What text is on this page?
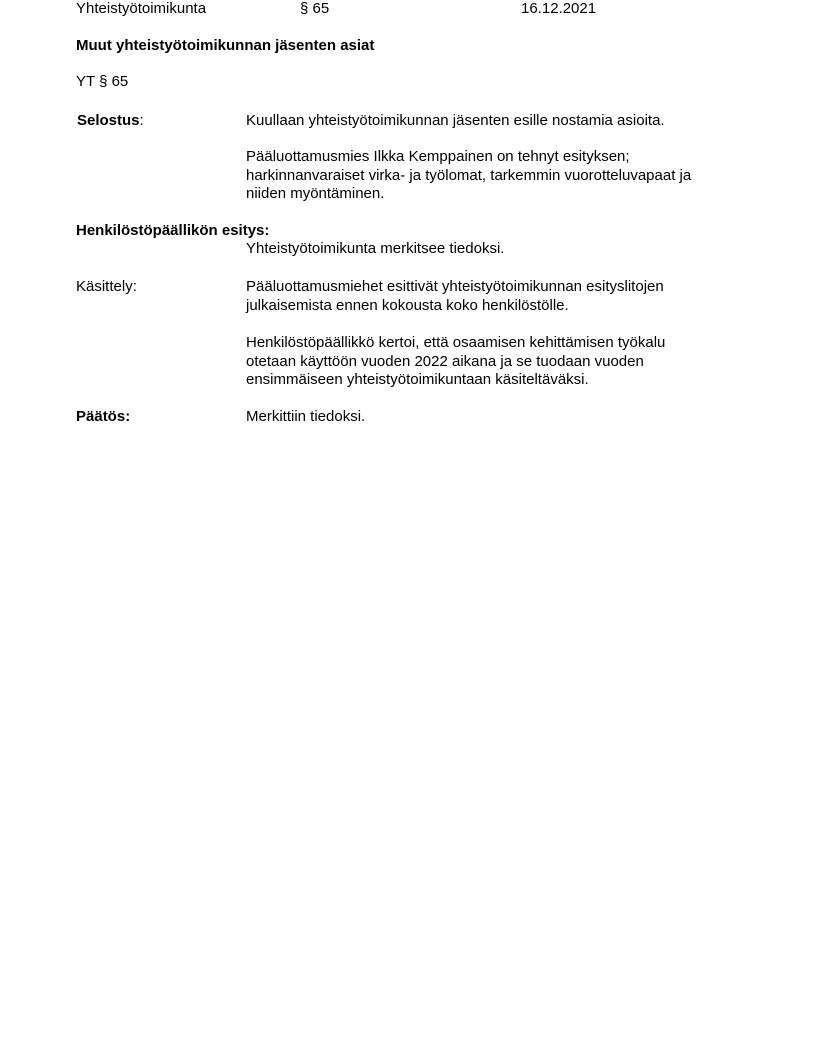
Yhteistyötoimikunta	§ 65	16.12.2021
Muut yhteistyötoimikunnan jäsenten asiat
YT § 65
Selostus:	Kuullaan yhteistyötoimikunnan jäsenten esille nostamia asioita.

Pääluottamusmies Ilkka Kemppainen on tehnyt esityksen;

harkinnanvaraiset virka- ja työlomat, tarkemmin vuorotteluvapaat ja

niiden myöntäminen.

Henkilöstöpäällikön esitys:

Yhteistyötoimikunta merkitsee tiedoksi.

Käsittely:	Pääluottamusmiehet esittivät yhteistyötoimikunnan esityslitojen

julkaisemista ennen kokousta koko henkilöstölle.

Henkilöstöpäällikkö kertoi, että osaamisen kehittämisen työkalu

otetaan käyttöön vuoden 2022 aikana ja se tuodaan vuoden

ensimmäiseen yhteistyötoimikuntaan käsiteltäväksi.

Päätös:	Merkittiin tiedoksi.
